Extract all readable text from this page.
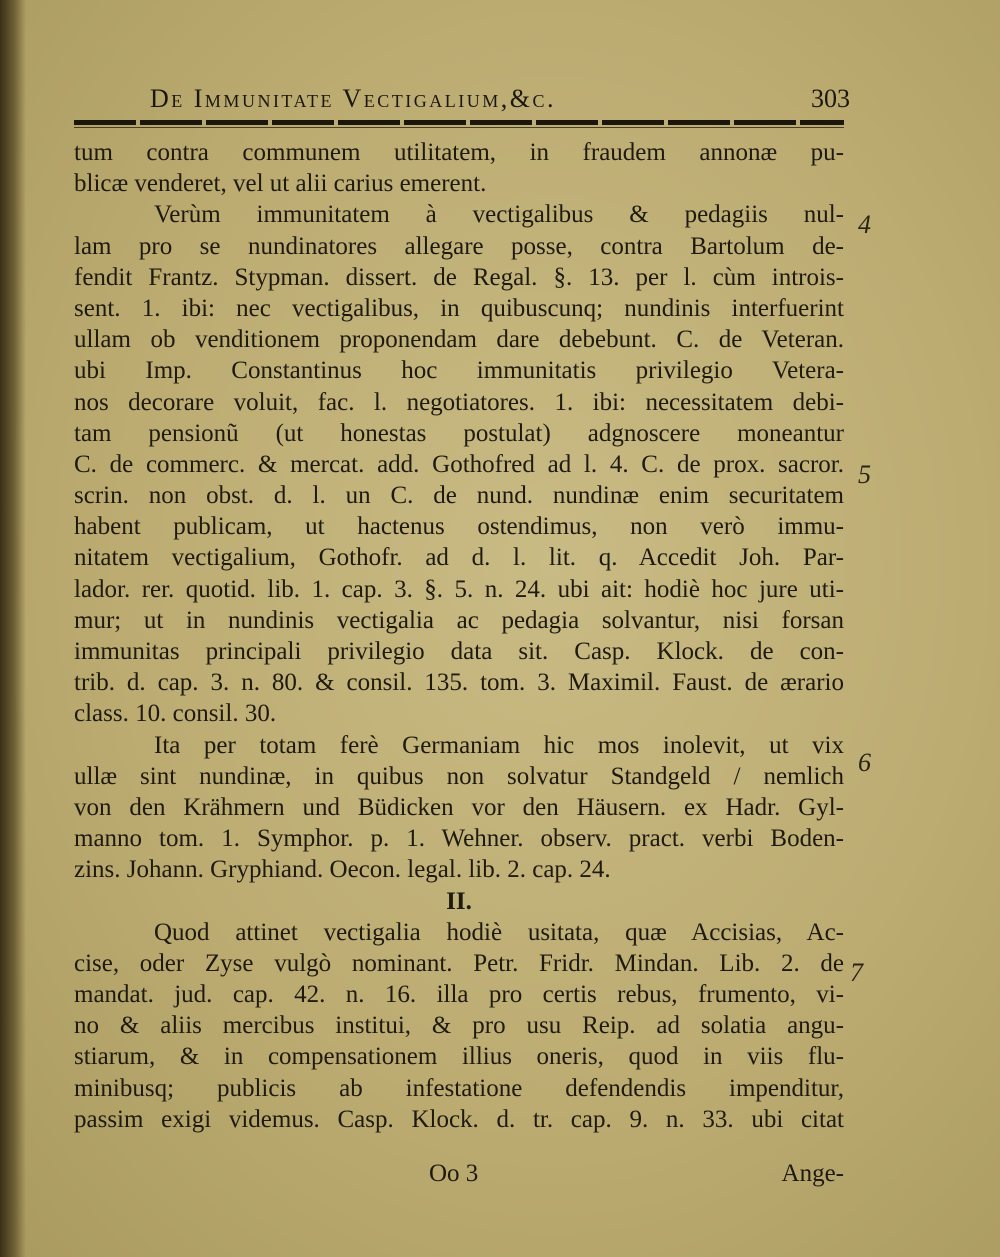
De Immunitate Vectigalium,&c.	303
tum contra communem utilitatem, in fraudem annonæ pu-
blicæ venderet, vel ut alii carius emerent.
Verùm immunitatem à vectigalibus & pedagiis nul-
lam pro se nundinatores allegare posse, contra Bartolum de-
fendit Frantz. Stypman. dissert. de Regal. §. 13. per l. cùm introis-
sent. 1. ibi: nec vectigalibus, in quibuscunq; nundinis interfuerint
ullam ob venditionem proponendam dare debebunt. C. de Veteran.
ubi Imp. Constantinus hoc immunitatis privilegio Vetera-
nos decorare voluit, fac. l. negotiatores. 1. ibi: necessitatem debi-
tam pensionũ (ut honestas postulat) adgnoscere moneantur
C. de commerc. & mercat. add. Gothofred ad l. 4. C. de prox. sacror.
scrin. non obst. d. l. un C. de nund. nundinæ enim securitatem
habent publicam, ut hactenus ostendimus, non verò immu-
nitatem vectigalium, Gothofr. ad d. l. lit. q. Accedit Joh. Par-
lador. rer. quotid. lib. 1. cap. 3. §. 5. n. 24. ubi ait: hodiè hoc jure uti-
mur; ut in nundinis vectigalia ac pedagia solvantur, nisi forsan
immunitas principali privilegio data sit. Casp. Klock. de con-
trib. d. cap. 3. n. 80. & consil. 135. tom. 3. Maximil. Faust. de ærario
class. 10. consil. 30.
Ita per totam ferè Germaniam hic mos inolevit, ut vix
ullæ sint nundinæ, in quibus non solvatur Standgeld / nemlich
von den Krähmern und Büdicken vor den Häusern. ex Hadr. Gyl-
manno tom. 1. Symphor. p. 1. Wehner. observ. pract. verbi Boden-
zins. Johann. Gryphiand. Oecon. legal. lib. 2. cap. 24.
II.
Quod attinet vectigalia hodiè usitata, quæ Accisias, Ac-
cise, oder Zyse vulgò nominant. Petr. Fridr. Mindan. Lib. 2. de
mandat. jud. cap. 42. n. 16. illa pro certis rebus, frumento, vi-
no & aliis mercibus institui, & pro usu Reip. ad solatia angu-
stiarum, & in compensationem illius oneris, quod in viis flu-
minibusq; publicis ab infestatione defendendis impenditur,
passim exigi videmus. Casp. Klock. d. tr. cap. 9. n. 33. ubi citat
4
5
6
7
Oo 3	Ange-
